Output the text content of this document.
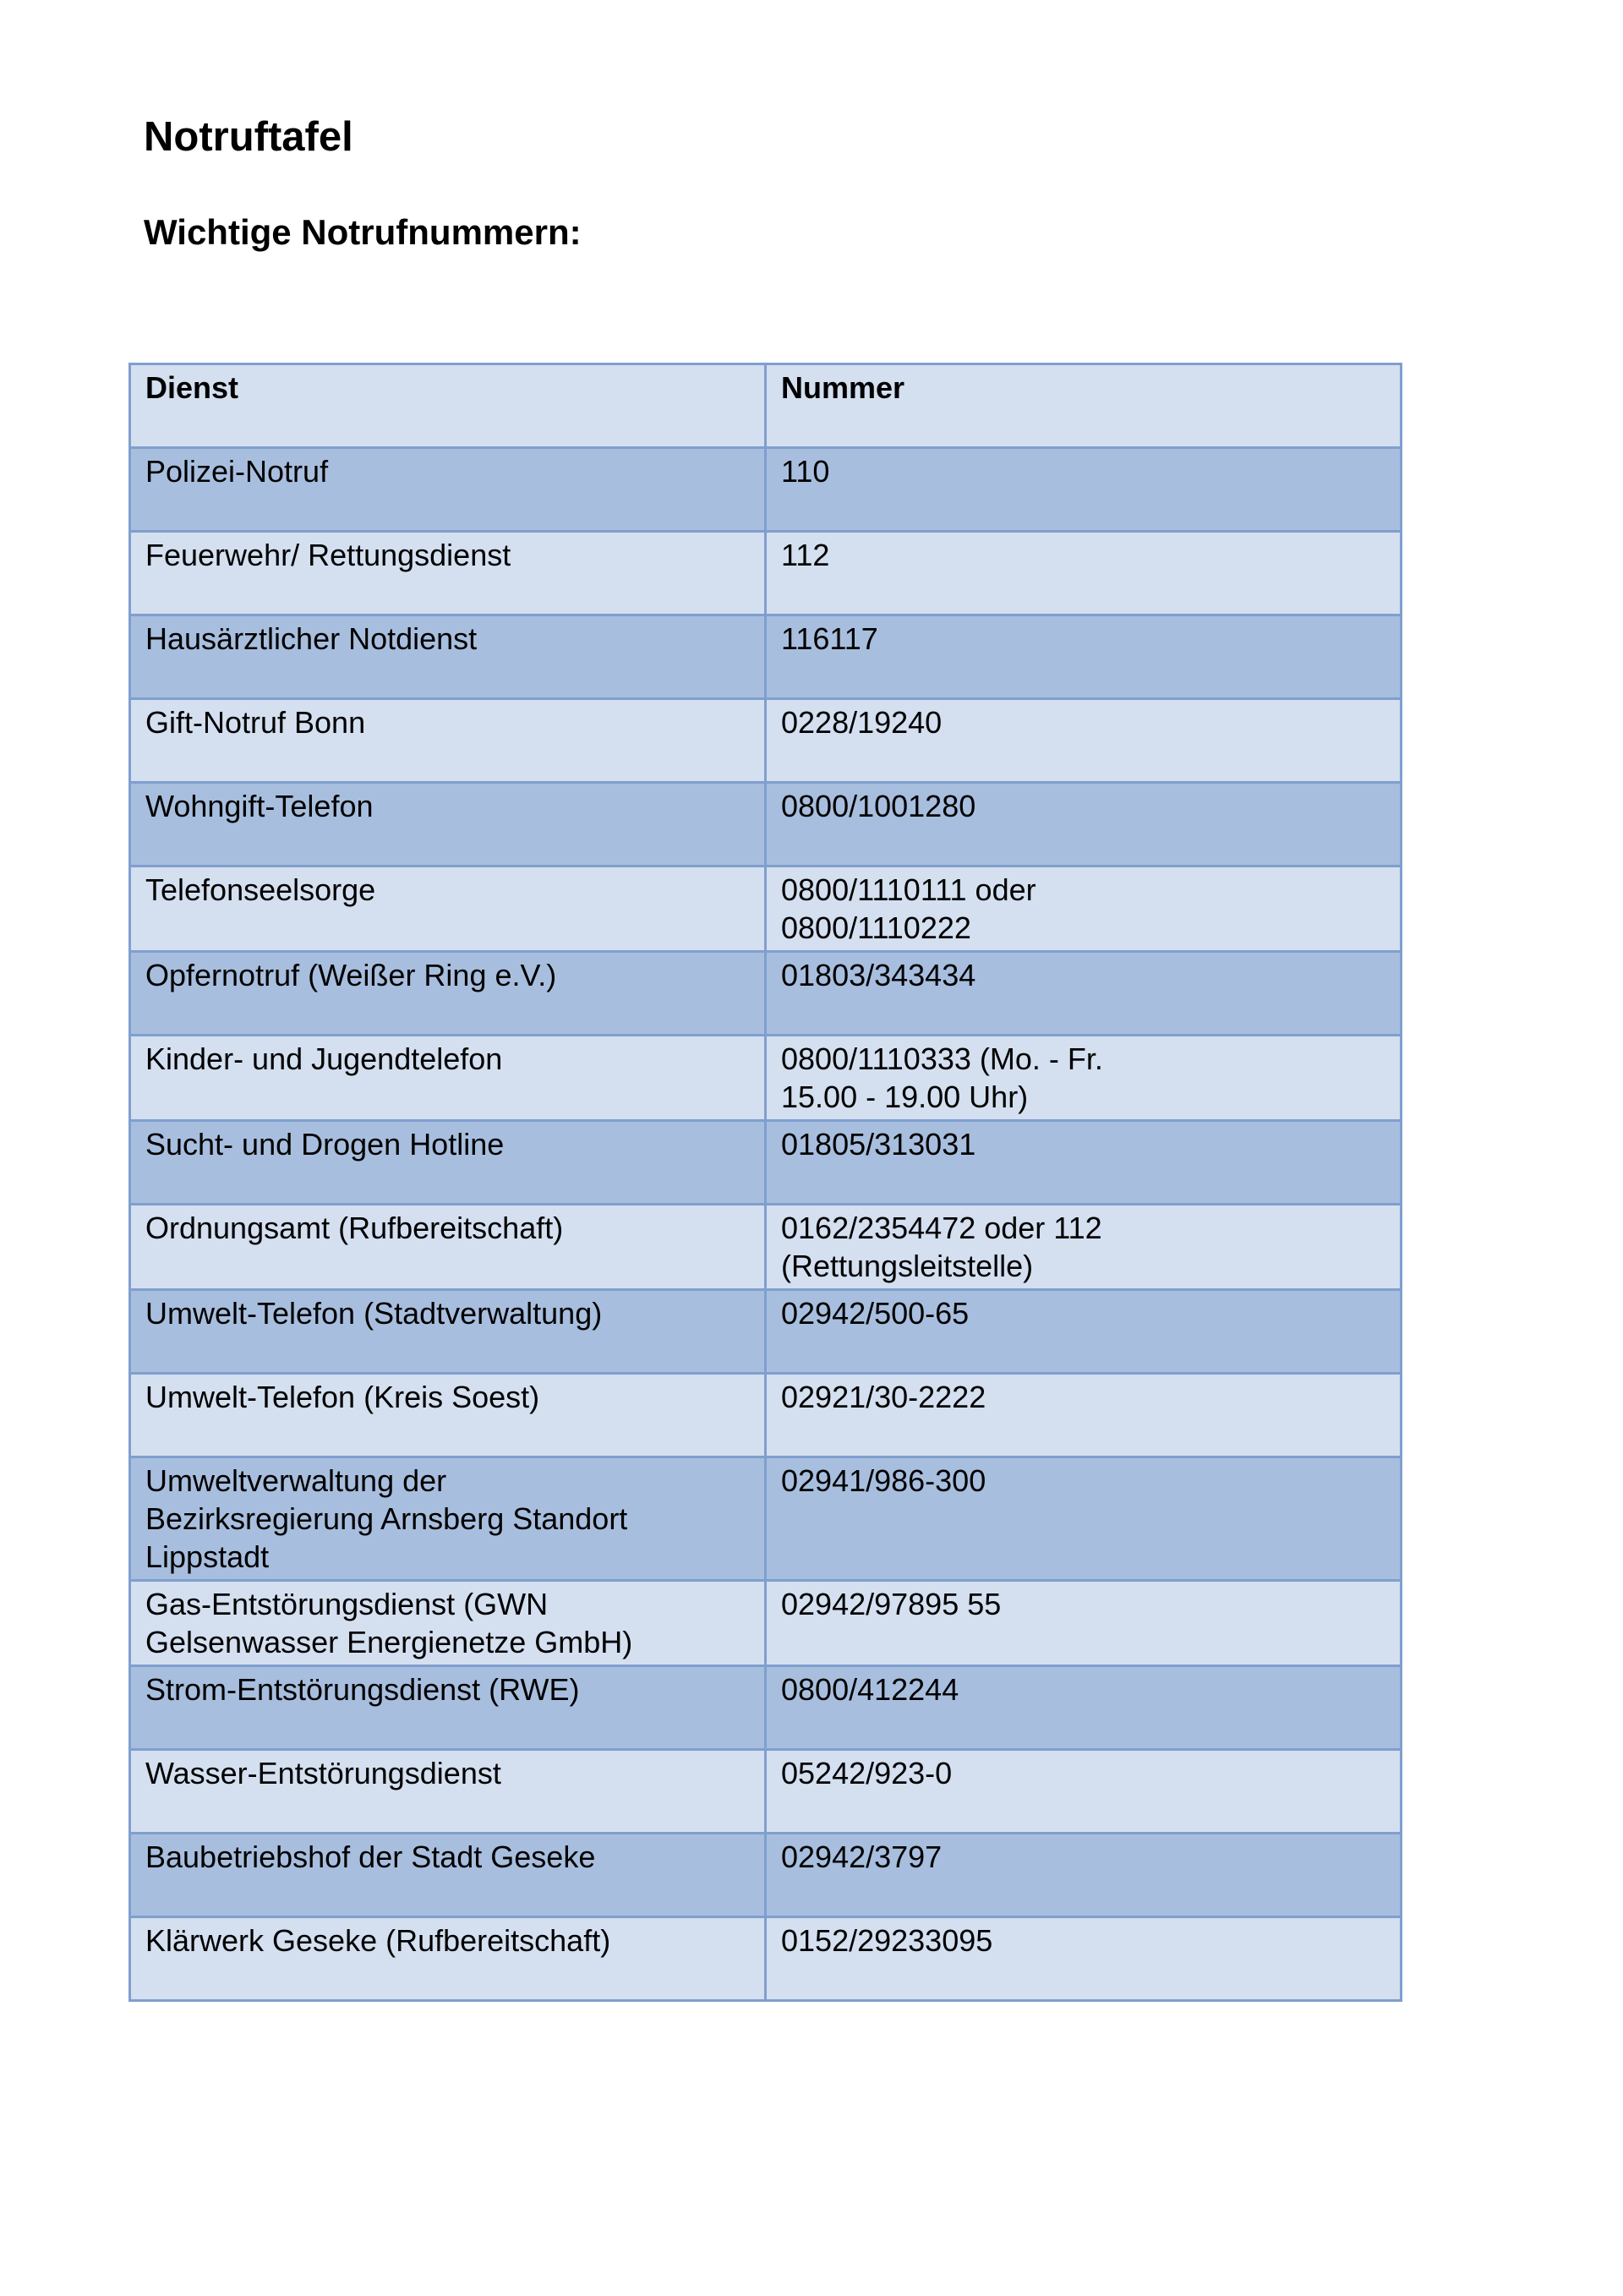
Notruftafel
Wichtige Notrufnummern:
Dienst	Nummer
Polizei-Notruf	110
Feuerwehr/ Rettungsdienst	112
Hausärztlicher Notdienst	116117
Gift-Notruf Bonn	0228/19240
Wohngift-Telefon	0800/1001280
Telefonseelsorge	0800/1110111 oder
0800/1110222
Opfernotruf (Weißer Ring e.V.)	01803/343434
Kinder- und Jugendtelefon	0800/1110333 (Mo. - Fr.
15.00 - 19.00 Uhr)
Sucht- und Drogen Hotline	01805/313031
Ordnungsamt (Rufbereitschaft)	0162/2354472 oder 112
(Rettungsleitstelle)
Umwelt-Telefon (Stadtverwaltung)	02942/500-65
Umwelt-Telefon (Kreis Soest)	02921/30-2222
Umweltverwaltung der
Bezirksregierung Arnsberg Standort
Lippstadt	02941/986-300
Gas-Entstörungsdienst (GWN
Gelsenwasser Energienetze GmbH)	02942/97895 55
Strom-Entstörungsdienst (RWE)	0800/412244
Wasser-Entstörungsdienst	05242/923-0
Baubetriebshof der Stadt Geseke	02942/3797
Klärwerk Geseke (Rufbereitschaft)	0152/29233095
